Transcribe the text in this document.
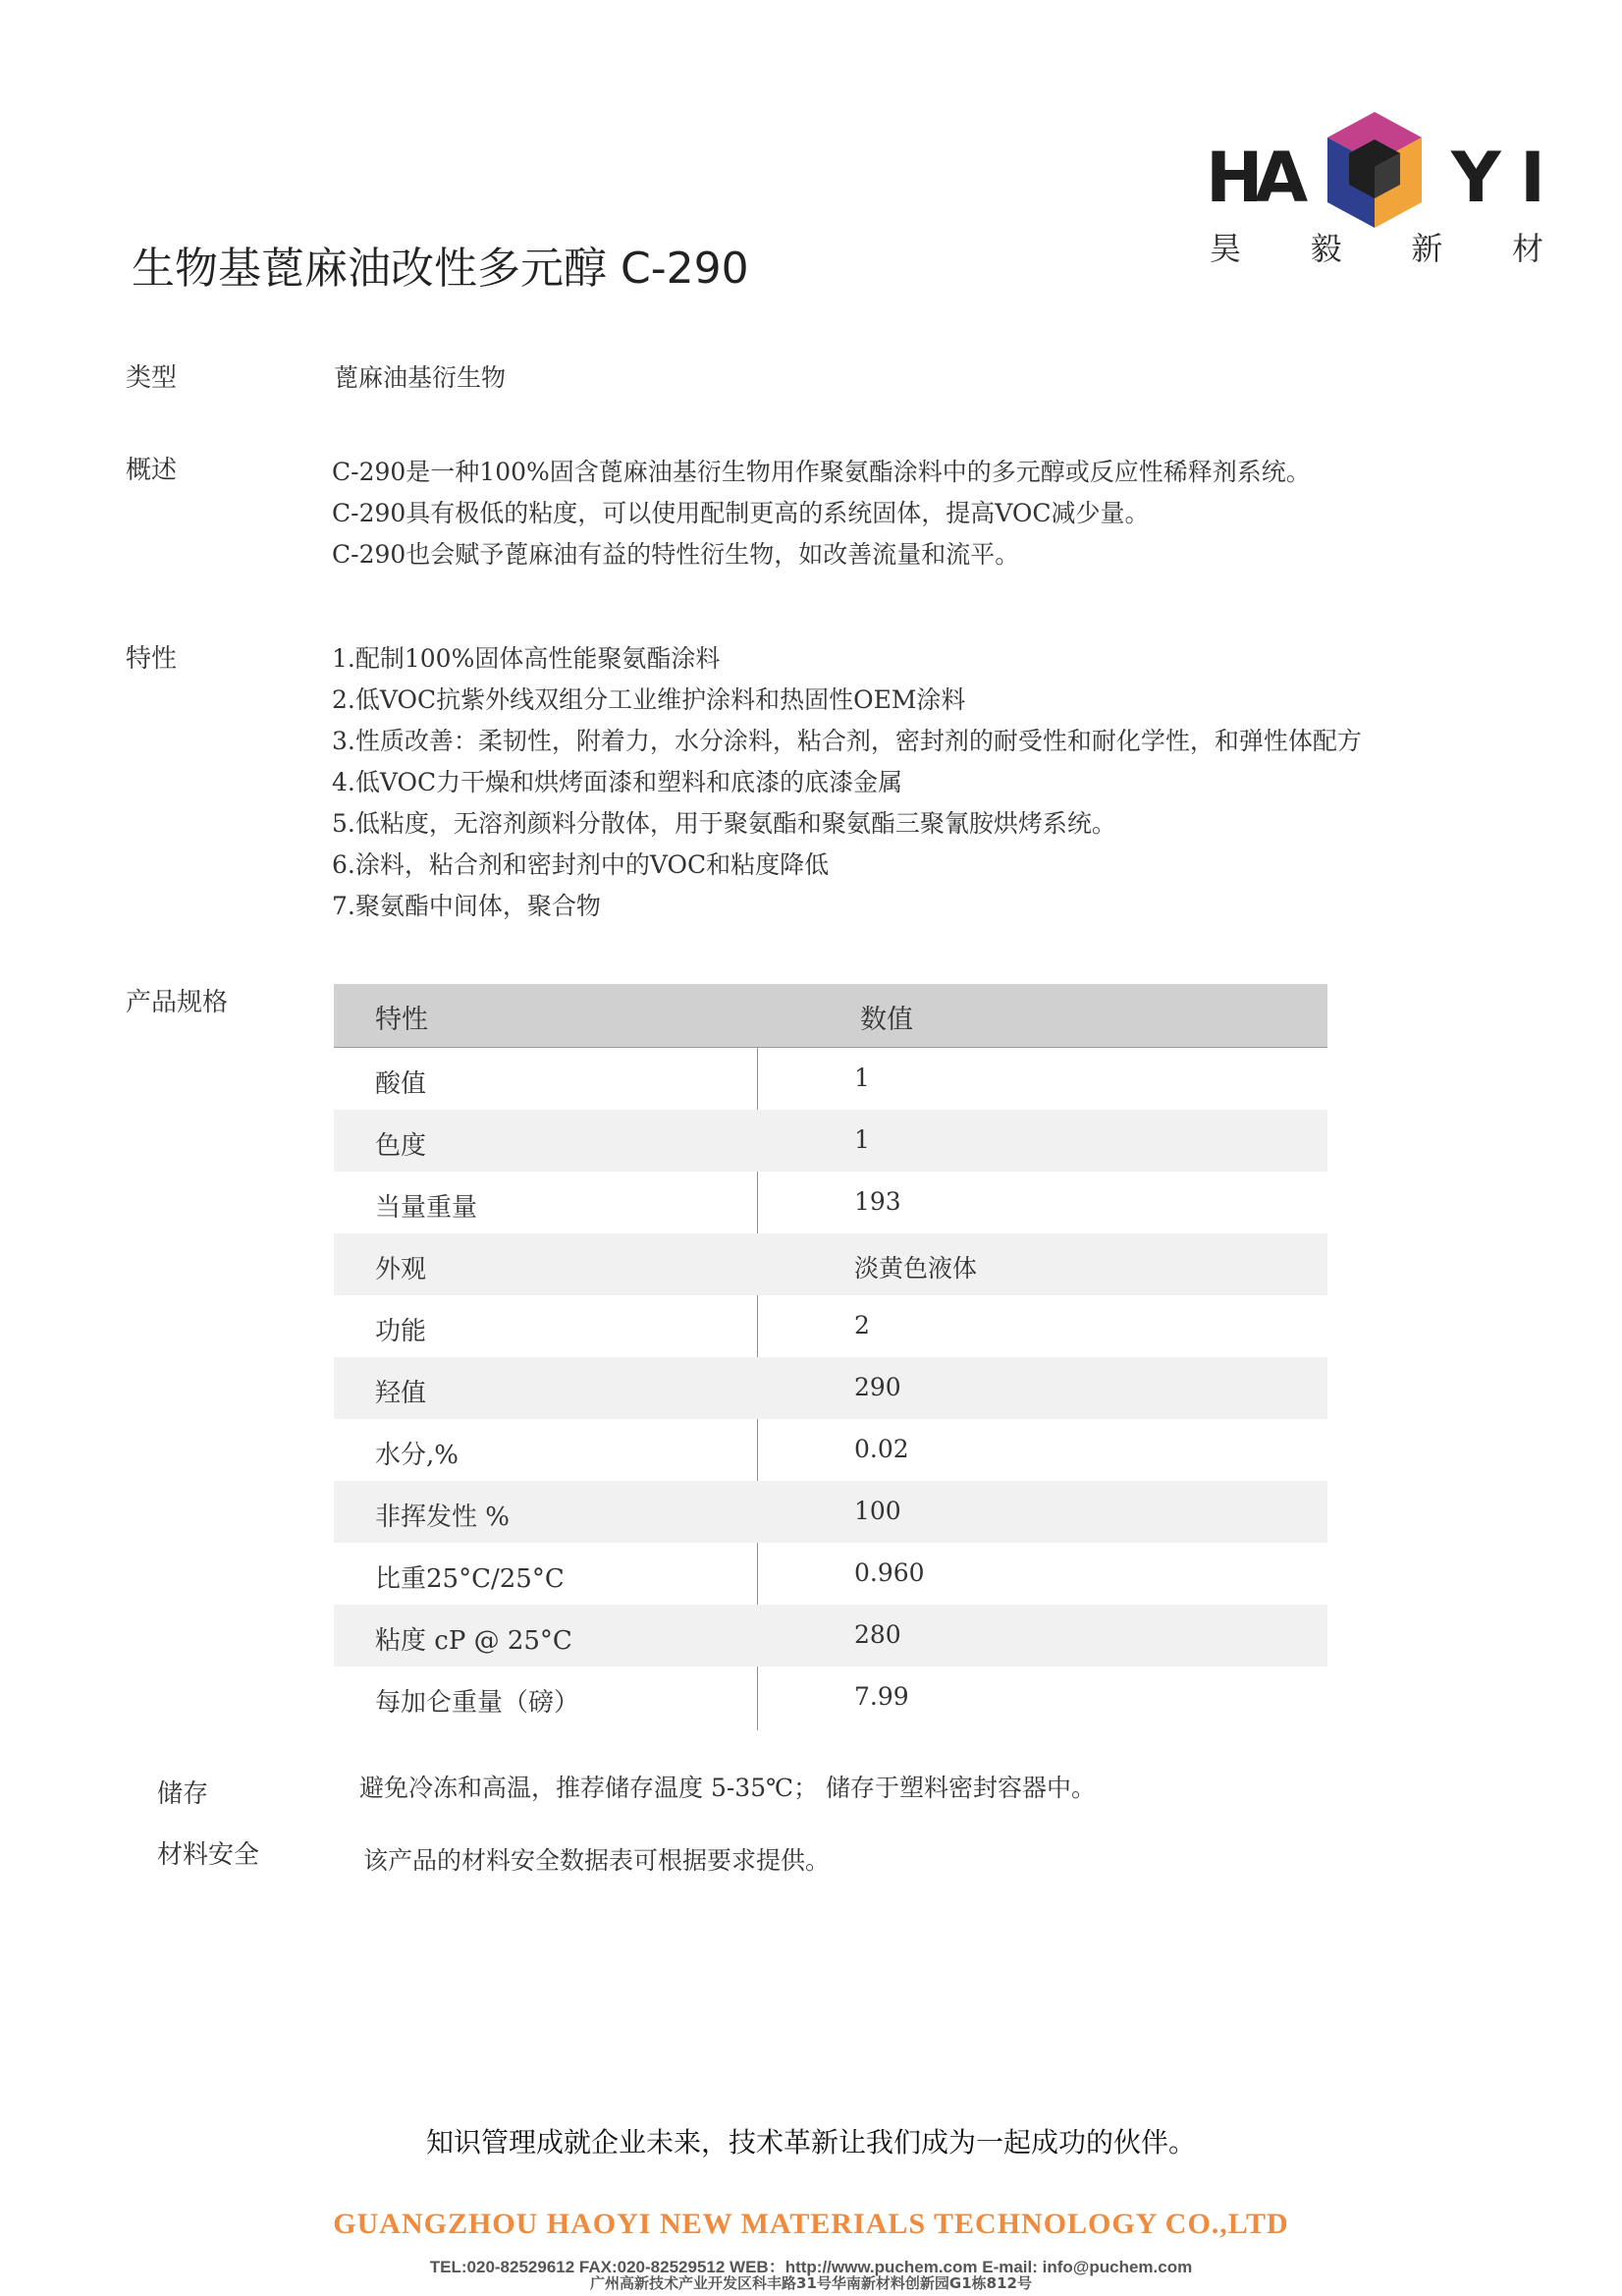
H
A Y I
昊 毅 新 材
生物基蓖麻油改性多元醇 C-290
类型	蓖麻油基衍生物
概述	C-290是一种100%固含蓖麻油基衍生物用作聚氨酯涂料中的多元醇或反应性稀释剂系统。
C-290具有极低的粘度，可以使用配制更高的系统固体，提高VOC减少量。
C-290也会赋予蓖麻油有益的特性衍生物，如改善流量和流平。
特性	1.配制100%固体高性能聚氨酯涂料
2.低VOC抗紫外线双组分工业维护涂料和热固性OEM涂料
3.性质改善：柔韧性，附着力，水分涂料，粘合剂，密封剂的耐受性和耐化学性，和弹性体配方
4.低VOC力干燥和烘烤面漆和塑料和底漆的底漆金属
5.低粘度，无溶剂颜料分散体，用于聚氨酯和聚氨酯三聚氰胺烘烤系统。
6.涂料，粘合剂和密封剂中的VOC和粘度降低
7.聚氨酯中间体，聚合物
产品规格
特性	数值
酸值	1
色度	1
当量重量	193
外观	淡黄色液体
功能	2
羟值	290
水分,%	0.02
非挥发性 %	100
比重25°C/25°C	0.960
粘度 cP @ 25°C	280
每加仑重量（磅）	7.99
储存	避免冷冻和高温，推荐储存温度 5-35℃； 储存于塑料密封容器中。
材料安全	该产品的材料安全数据表可根据要求提供。
知识管理成就企业未来，技术革新让我们成为一起成功的伙伴。
GUANGZHOU HAOYI NEW MATERIALS TECHNOLOGY CO.,LTD
TEL:020-82529612 FAX:020-82529512 WEB：http://www.puchem.com E-mail: info@puchem.com
广州高新技术产业开发区科丰路31号华南新材料创新园G1栋812号
